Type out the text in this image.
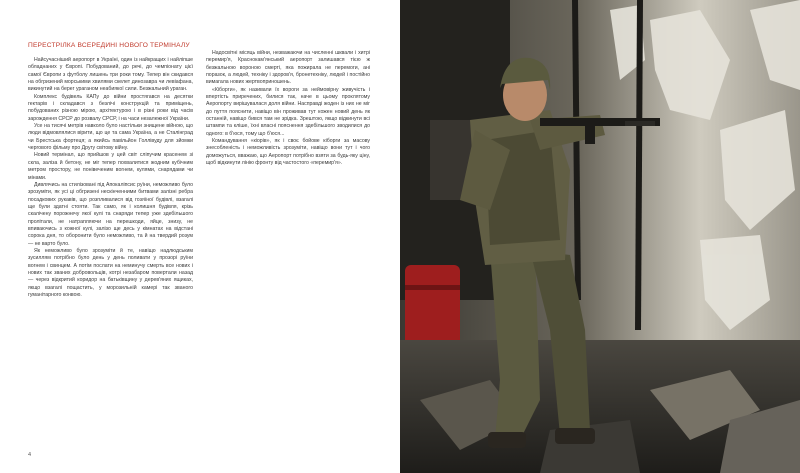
ПЕРЕСТРІЛКА ВСЕРЕДИНІ НОВОГО ТЕРМІНАЛУ

Найсучасніший аеропорт в Україні, один із найкращих і найліпше обладнаних у Європі. Побудований, до речі, до чемпіонату цієї самої Європи з футболу лишень три роки тому. Тепер він скидався на обгризений морськими хвилями скелет динозавра чи левіафана, викинутий на берег ураганом неабиякої сили. Безжальний ураган.

Комплекс будівель КАПу до війни простягався на десятки гектарів і складався з безлічі конструкцій та приміщень, побудованих різною мірою, архітектурою і в різні роки від часів зарождення СРСР до розвалу СРСР, і на часи незалежної України.

Усе на тисячі метрів навколо було настільки знищене війною, що люди відмовлялися вірити, що це та сама Україна, а не Сталінград чи Брестська фортеця; а якийсь павільйон Голлівуду для зйомки чергового фільму про Другу світову війну.

Новий термінал, що прийшов у цей світ сліпучим красенем зі скла, заліза й бетону, не міг тепер похвалитися жодним кубічним метром простору, не понівеченим вогнем, кулями, снарядами чи мінами.

Дивлячись на стилізовані під Апокаліпсис руїни, неможливо було зрозуміти, як усі ці обгризені нескінченними битвами залізні ребра посадкових рукавів, що розпливалися від гозяїної будівлі, взагалі ще були здатні стояти. Так само, як і колишня будівля, крізь скалічену порожнечу якої кулі та снаряди тепер уже здебільшого пролітали, не натрапляючи на перешкоди, яйце, знизу, не впиваючись з кожної кулі, залізо ще десь у кімнатах на відстані сорока дня, то оборонити було неможливо, та й на твердий розум — не варто було.

Як неможливо було зрозуміти й те, навіщо надлюдським зусиллям потрібно було день у день поливати у прозорі руїни вогнем і свинцем. А потім послати на неминучу смерть все нових і нових так званих добровольців, котрі незабаром повертали назад — через відкритий коридор на батьківщину у дерев'яних ящиках, якщо взагалі пощастить, у морозильній камері так званого гуманітарного конвою.

Надосвітні місяць війни, незважаючи на численні шквали і хитрі перемир'я, Краснокам'янський аеропорт залишався тією ж безжальною вороною смерті, яка пожирала не перемоги, ані поразок, а людей, техніку і здоров'я, бронетехніку, людей і постійно вимагала нових жертвоприношень.

«Кіборги», як називали їх вороги за неймовірну живучість і впертість приречених, билися так, наче в цьому проклятому Аеропорту вирішувалася доля війни. Насправді жоден із них не міг до пуття пояснити, навіщо він проживав тут кожен новий день як останній, навіщо бився там не зрідка. Зрештою, якщо відкинути всі штампи та кліше, їхні власні пояснення здебільшого зводилися до одного: в б'юся, тому що б'юся...

Командування «кіорів», як і своє бойове кіборги за масову знесобленість і неможливість зрозуміти, навіщо вони тут і чого доможуться, вважаю, що Аеропорт потрібно взяти за будь-яку ціну, щоб відкинути лінію фронту від частостого «перемир'я».

4
